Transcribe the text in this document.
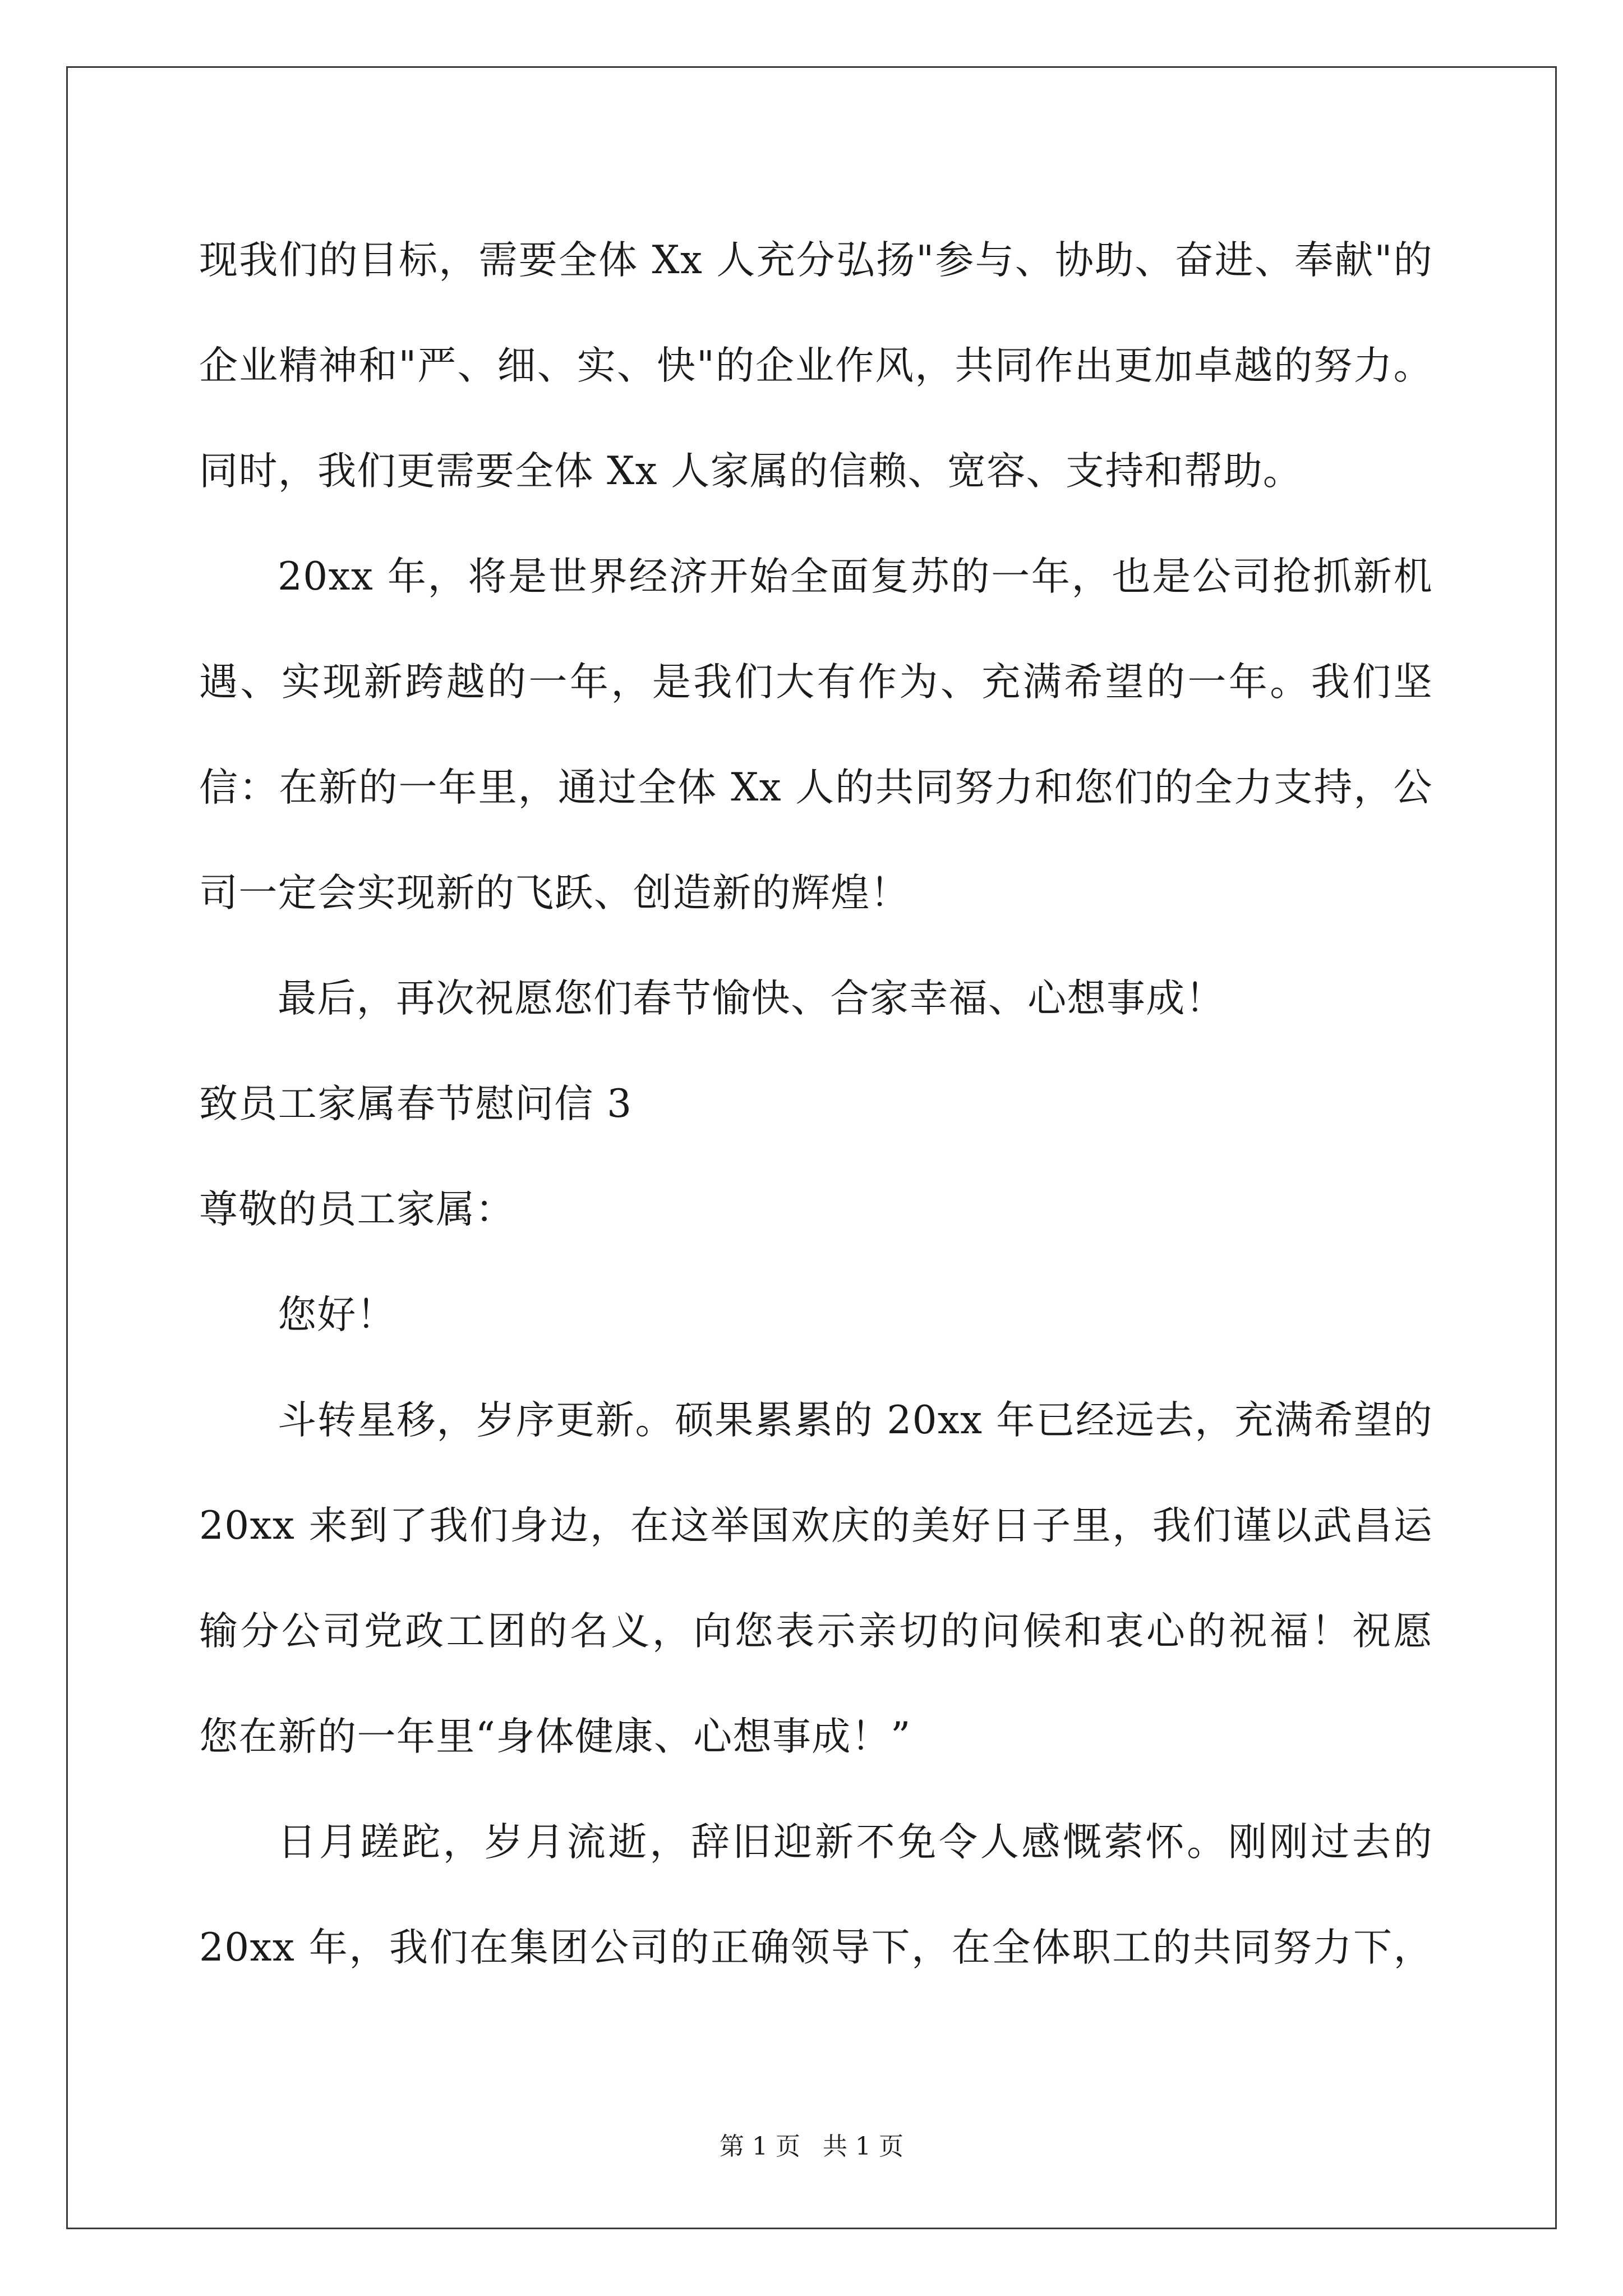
现我们的目标，需要全体 Xx 人充分弘扬"参与、协助、奋进、奉献"的
企业精神和"严、细、实、快"的企业作风，共同作出更加卓越的努力。
同时，我们更需要全体 Xx 人家属的信赖、宽容、支持和帮助。
20xx 年，将是世界经济开始全面复苏的一年，也是公司抢抓新机
遇、实现新跨越的一年，是我们大有作为、充满希望的一年。我们坚
信：在新的一年里，通过全体 Xx 人的共同努力和您们的全力支持，公
司一定会实现新的飞跃、创造新的辉煌！
最后，再次祝愿您们春节愉快、合家幸福、心想事成！
致员工家属春节慰问信 3
尊敬的员工家属：
您好！
斗转星移，岁序更新。硕果累累的 20xx 年已经远去，充满希望的
20xx 来到了我们身边，在这举国欢庆的美好日子里，我们谨以武昌运
输分公司党政工团的名义，向您表示亲切的问候和衷心的祝福！祝愿
您在新的一年里“身体健康、心想事成！”
日月蹉跎，岁月流逝，辞旧迎新不免令人感慨萦怀。刚刚过去的
20xx 年，我们在集团公司的正确领导下，在全体职工的共同努力下，
第 1 页 共 1 页
